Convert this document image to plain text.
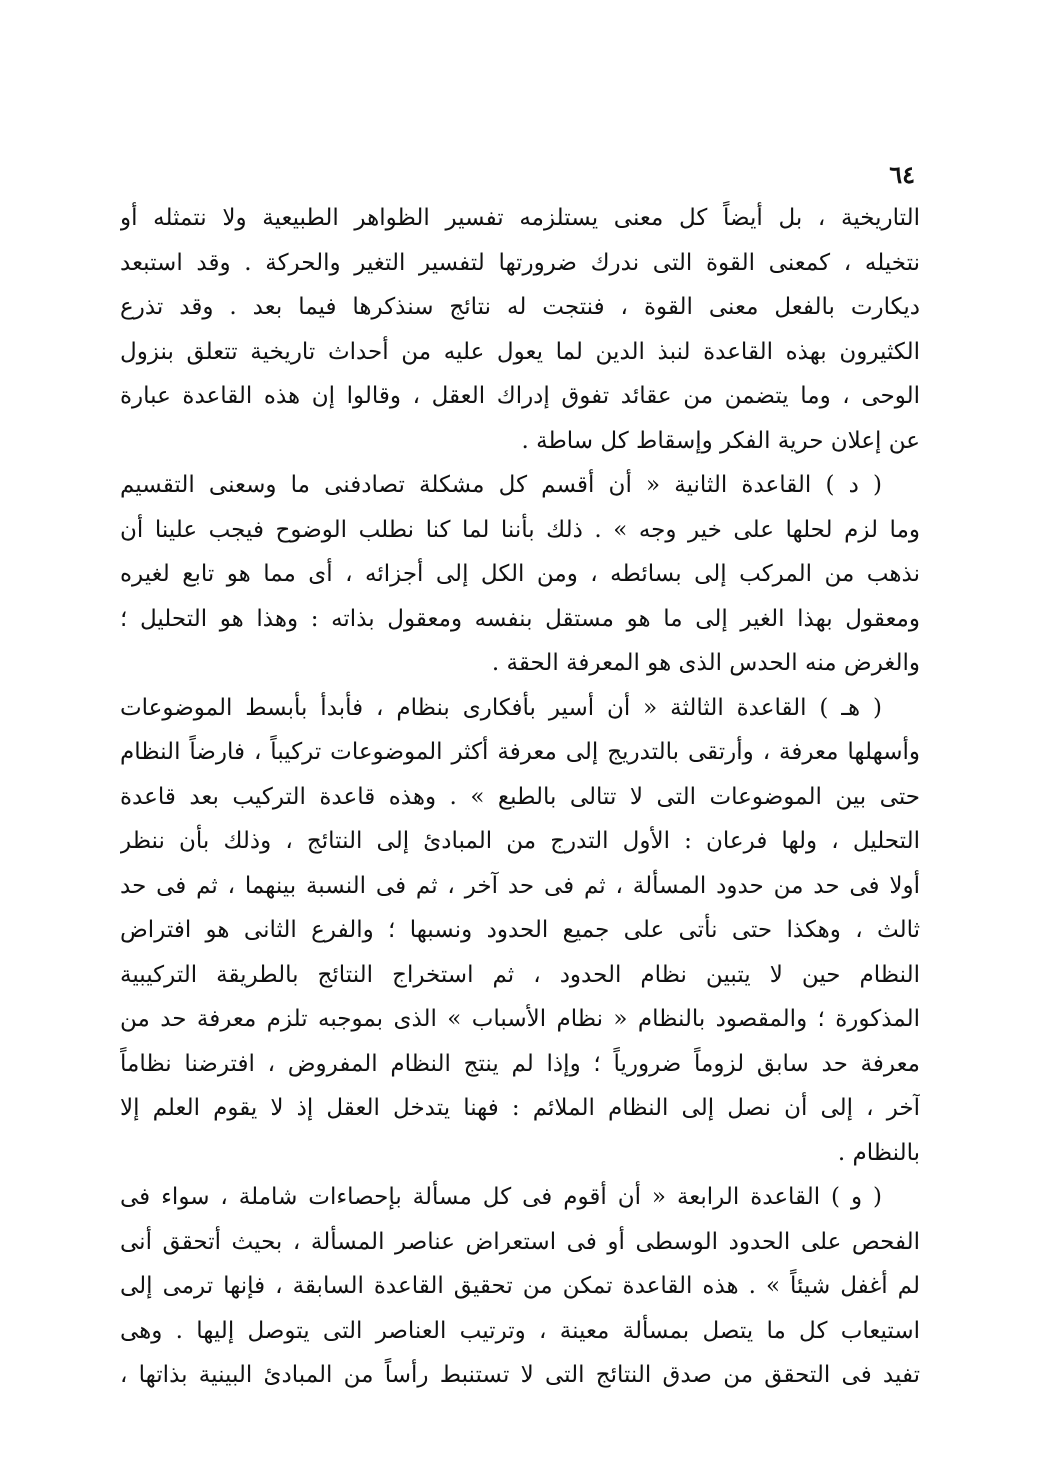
٦٤
التاريخية ، بل أيضاً كل معنى يستلزمه تفسير الظواهر الطبيعية ولا نتمثله أو
نتخيله ، كمعنى القوة التى ندرك ضرورتها لتفسير التغير والحركة . وقد استبعد
ديكارت بالفعل معنى القوة ، فنتجت له نتائج سنذكرها فيما بعد . وقد تذرع
الكثيرون بهذه القاعدة لنبذ الدين لما يعول عليه من أحداث تاريخية تتعلق بنزول
الوحى ، وما يتضمن من عقائد تفوق إدراك العقل ، وقالوا إن هذه القاعدة عبارة
عن إعلان حرية الفكر وإسقاط كل ساطة .
( د ) القاعدة الثانية « أن أقسم كل مشكلة تصادفنى ما وسعنى التقسيم
وما لزم لحلها على خير وجه » . ذلك بأننا لما كنا نطلب الوضوح فيجب علينا أن
نذهب من المركب إلى بسائطه ، ومن الكل إلى أجزائه ، أى مما هو تابع لغيره
ومعقول بهذا الغير إلى ما هو مستقل بنفسه ومعقول بذاته : وهذا هو التحليل ؛
والغرض منه الحدس الذى هو المعرفة الحقة .
( هـ ) القاعدة الثالثة « أن أسير بأفكارى بنظام ، فأبدأ بأبسط الموضوعات
وأسهلها معرفة ، وأرتقى بالتدريج إلى معرفة أكثر الموضوعات تركيباً ، فارضاً النظام
حتى بين الموضوعات التى لا تتالى بالطبع » . وهذه قاعدة التركيب بعد قاعدة
التحليل ، ولها فرعان : الأول التدرج من المبادئ إلى النتائج ، وذلك بأن ننظر
أولا فى حد من حدود المسألة ، ثم فى حد آخر ، ثم فى النسبة بينهما ، ثم فى حد
ثالث ، وهكذا حتى نأتى على جميع الحدود ونسبها ؛ والفرع الثانى هو افتراض
النظام حين لا يتبين نظام الحدود ، ثم استخراج النتائج بالطريقة التركيبية
المذكورة ؛ والمقصود بالنظام « نظام الأسباب » الذى بموجبه تلزم معرفة حد من
معرفة حد سابق لزوماً ضرورياً ؛ وإذا لم ينتج النظام المفروض ، افترضنا نظاماً
آخر ، إلى أن نصل إلى النظام الملائم : فهنا يتدخل العقل إذ لا يقوم العلم إلا
بالنظام .
( و ) القاعدة الرابعة « أن أقوم فى كل مسألة بإحصاءات شاملة ، سواء فى
الفحص على الحدود الوسطى أو فى استعراض عناصر المسألة ، بحيث أتحقق أنى
لم أغفل شيئاً » . هذه القاعدة تمكن من تحقيق القاعدة السابقة ، فإنها ترمى إلى
استيعاب كل ما يتصل بمسألة معينة ، وترتيب العناصر التى يتوصل إليها . وهى
تفيد فى التحقق من صدق النتائج التى لا تستنبط رأساً من المبادئ البينية بذاتها ،
